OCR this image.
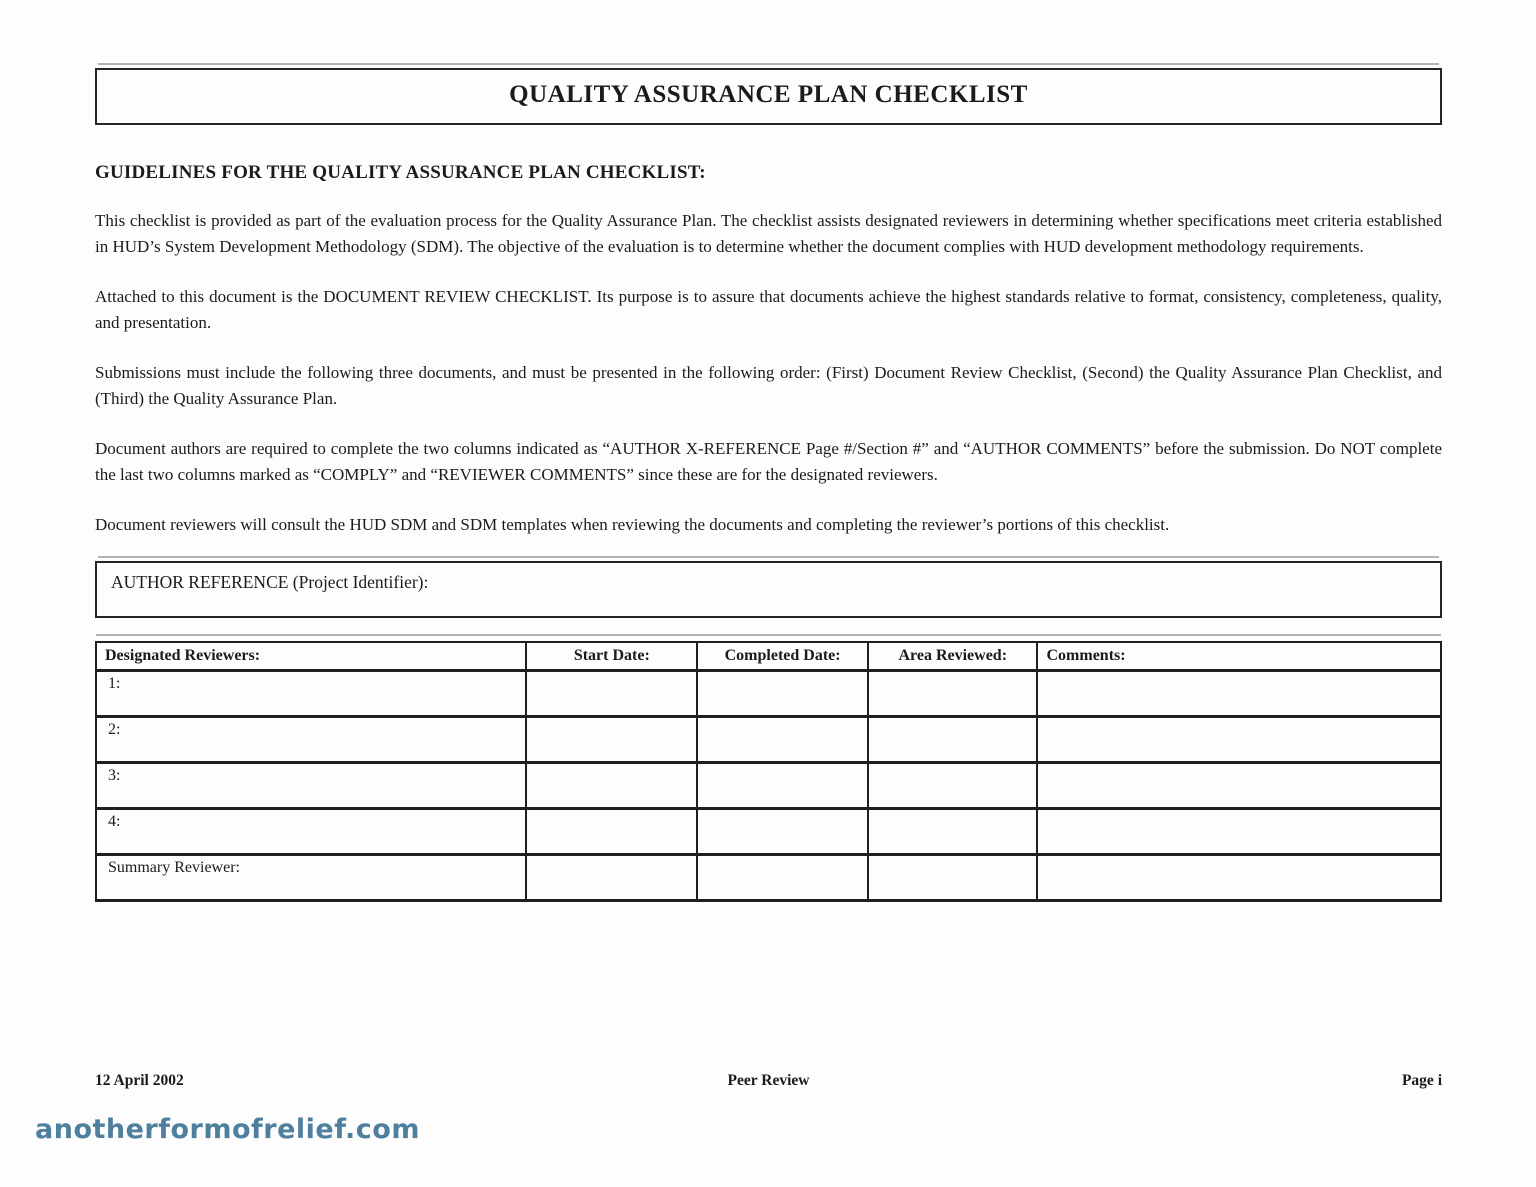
QUALITY ASSURANCE PLAN CHECKLIST
GUIDELINES FOR THE QUALITY ASSURANCE PLAN CHECKLIST:

This checklist is provided as part of the evaluation process for the Quality Assurance Plan. The checklist assists designated reviewers in determining whether specifications meet criteria established in HUD’s System Development Methodology (SDM). The objective of the evaluation is to determine whether the document complies with HUD development methodology requirements.

Attached to this document is the DOCUMENT REVIEW CHECKLIST. Its purpose is to assure that documents achieve the highest standards relative to format, consistency, completeness, quality, and presentation.

Submissions must include the following three documents, and must be presented in the following order: (First) Document Review Checklist, (Second) the Quality Assurance Plan Checklist, and (Third) the Quality Assurance Plan.

Document authors are required to complete the two columns indicated as “AUTHOR X-REFERENCE Page #/Section #” and “AUTHOR COMMENTS” before the submission. Do NOT complete the last two columns marked as “COMPLY” and “REVIEWER COMMENTS” since these are for the designated reviewers.

Document reviewers will consult the HUD SDM and SDM templates when reviewing the documents and completing the reviewer’s portions of this checklist.

AUTHOR REFERENCE (Project Identifier):
Designated Reviewers:	Start Date:	Completed Date:	Area Reviewed:	Comments:
1:				
2:				
3:				
4:				
Summary Reviewer:				
12 April 2002	Peer Review	Page i
anotherformofrelief.com
